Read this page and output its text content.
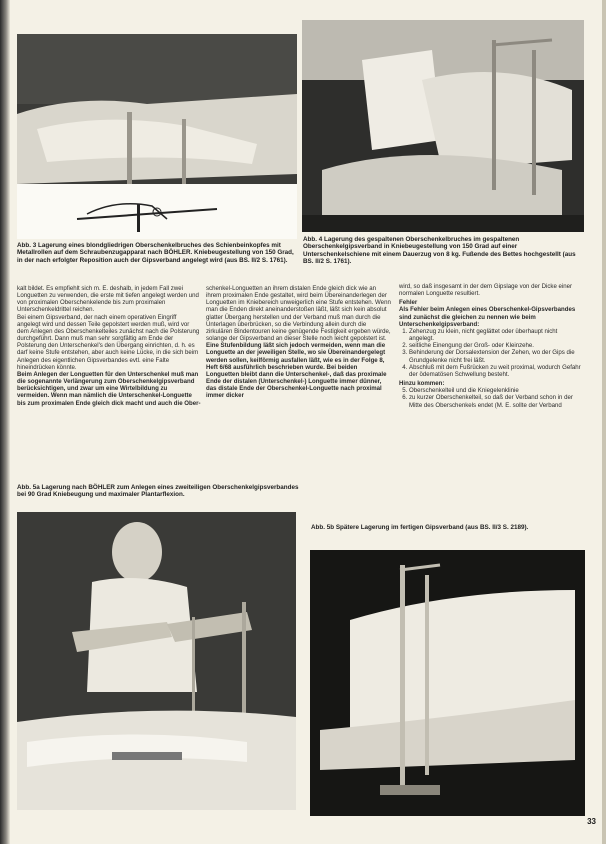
Abb. 3 Lagerung eines blondgliedrigen Oberschenkelbruches des Schienbeinkopfes mit Metallrollen auf dem Schraubenzugapparat nach BÖHLER. Kniebeugestellung von 150 Grad, in der nach erfolgter Reposition auch der Gipsverband angelegt wird (aus BS. II/2 S. 1761).
Abb. 4 Lagerung des gespaltenen Oberschenkelbruches im gespaltenen Oberschenkelgipsverband in Kniebeugestellung von 150 Grad auf einer Unterschenkelschiene mit einem Dauerzug von 8 kg. Fußende des Bettes hochgestellt (aus BS. II/2 S. 1761).

kalt bildet. Es empfiehlt sich m. E. deshalb, in jedem Fall zwei Longuetten zu verwenden, die erste mit tiefen angelegt werden und von proximalen Oberschenkelende bis zum proximalen Unterschenkeldrittel reichen.

Bei einem Gipsverband, der nach einem operativen Eingriff angelegt wird und dessen Teile gepolstert werden muß, wird vor dem Anlegen des Oberschenkelteiles zunächst nach die Polsterung durchgeführt. Dann muß man sehr sorgfältig am Ende der Polsterung den Unterschenkel's den Übergang einrichten, d. h. es darf keine Stufe entstehen, aber auch keine Lücke, in die sich beim Anlegen des eigentlichen Gipsverbandes evtl. eine Falte hineindrücken könnte.

Beim Anlegen der Longuetten für den Unterschenkel muß man die sogenannte Verlängerung zum Oberschenkelgipsverband berücksichtigen, und zwar um eine Wirtelbildung zu vermeiden. Wenn man nämlich die Unterschenkel-Longuette bis zum proximalen Ende gleich dick macht und auch die Ober-

schenkel-Longuetten an ihrem distalen Ende gleich dick wie an ihrem proximalen Ende gestaltet, wird beim Übereinanderlegen der Longuetten im Kniebereich unweigerlich eine Stufe entstehen. Wenn man die Enden direkt aneinanderstoßen läßt, läßt sich kein absolut glatter Übergang herstellen und der Verband muß man durch die Unterlagen überbrücken, so die Verbindung allein durch die zirkulären Bindentouren keine genügende Festigkeit ergeben würde, solange der Gipsverband an dieser Stelle noch leicht gepolstert ist.

Eine Stufenbildung läßt sich jedoch vermeiden, wenn man die Longuette an der jeweiligen Stelle, wo sie Übereinandergelegt werden sollen, keilförmig ausfallen läßt, wie es in der Folge 8, Heft 6/68 ausführlich beschrieben wurde. Bei beiden Longuetten bleibt dann die Unterschenkel-, daß das proximale Ende der distalen (Unterschenkel-) Longuette immer dünner, das distale Ende der Oberschenkel-Longuette nach proximal immer dicker

wird, so daß insgesamt in der dem Gipslage von der Dicke einer normalen Longuette resultiert.

Fehler

Als Fehler beim Anlegen eines Oberschenkel-Gipsverbandes sind zunächst die gleichen zu nennen wie beim Unterschenkelgipsverband:

1. Zehenzug zu klein, nicht geglättet oder überhaupt nicht angelegt.
2. seitliche Einengung der Groß- oder Kleinzehe.
3. Behinderung der Dorsalextension der Zehen, wo der Gips die Grundgelenke nicht frei läßt.
4. Abschluß mit dem Fußrücken zu weit proximal, wodurch Gefahr der ödematösen Schwellung besteht.

Hinzu kommen:

5. Oberschenkelteil und die Kniegelenklinie
6. zu kurzer Oberschenkelteil, so daß der Verband schon in der Mitte des Oberschenkels endet (M. E. sollte der Verband
Abb. 5a Lagerung nach BÖHLER zum Anlegen eines zweiteiligen Oberschenkelgipsverbandes bei 90 Grad Kniebeugung und maximaler Plantarflexion.
Abb. 5b Spätere Lagerung im fertigen Gipsverband (aus BS. II/3 S. 2189).
33
